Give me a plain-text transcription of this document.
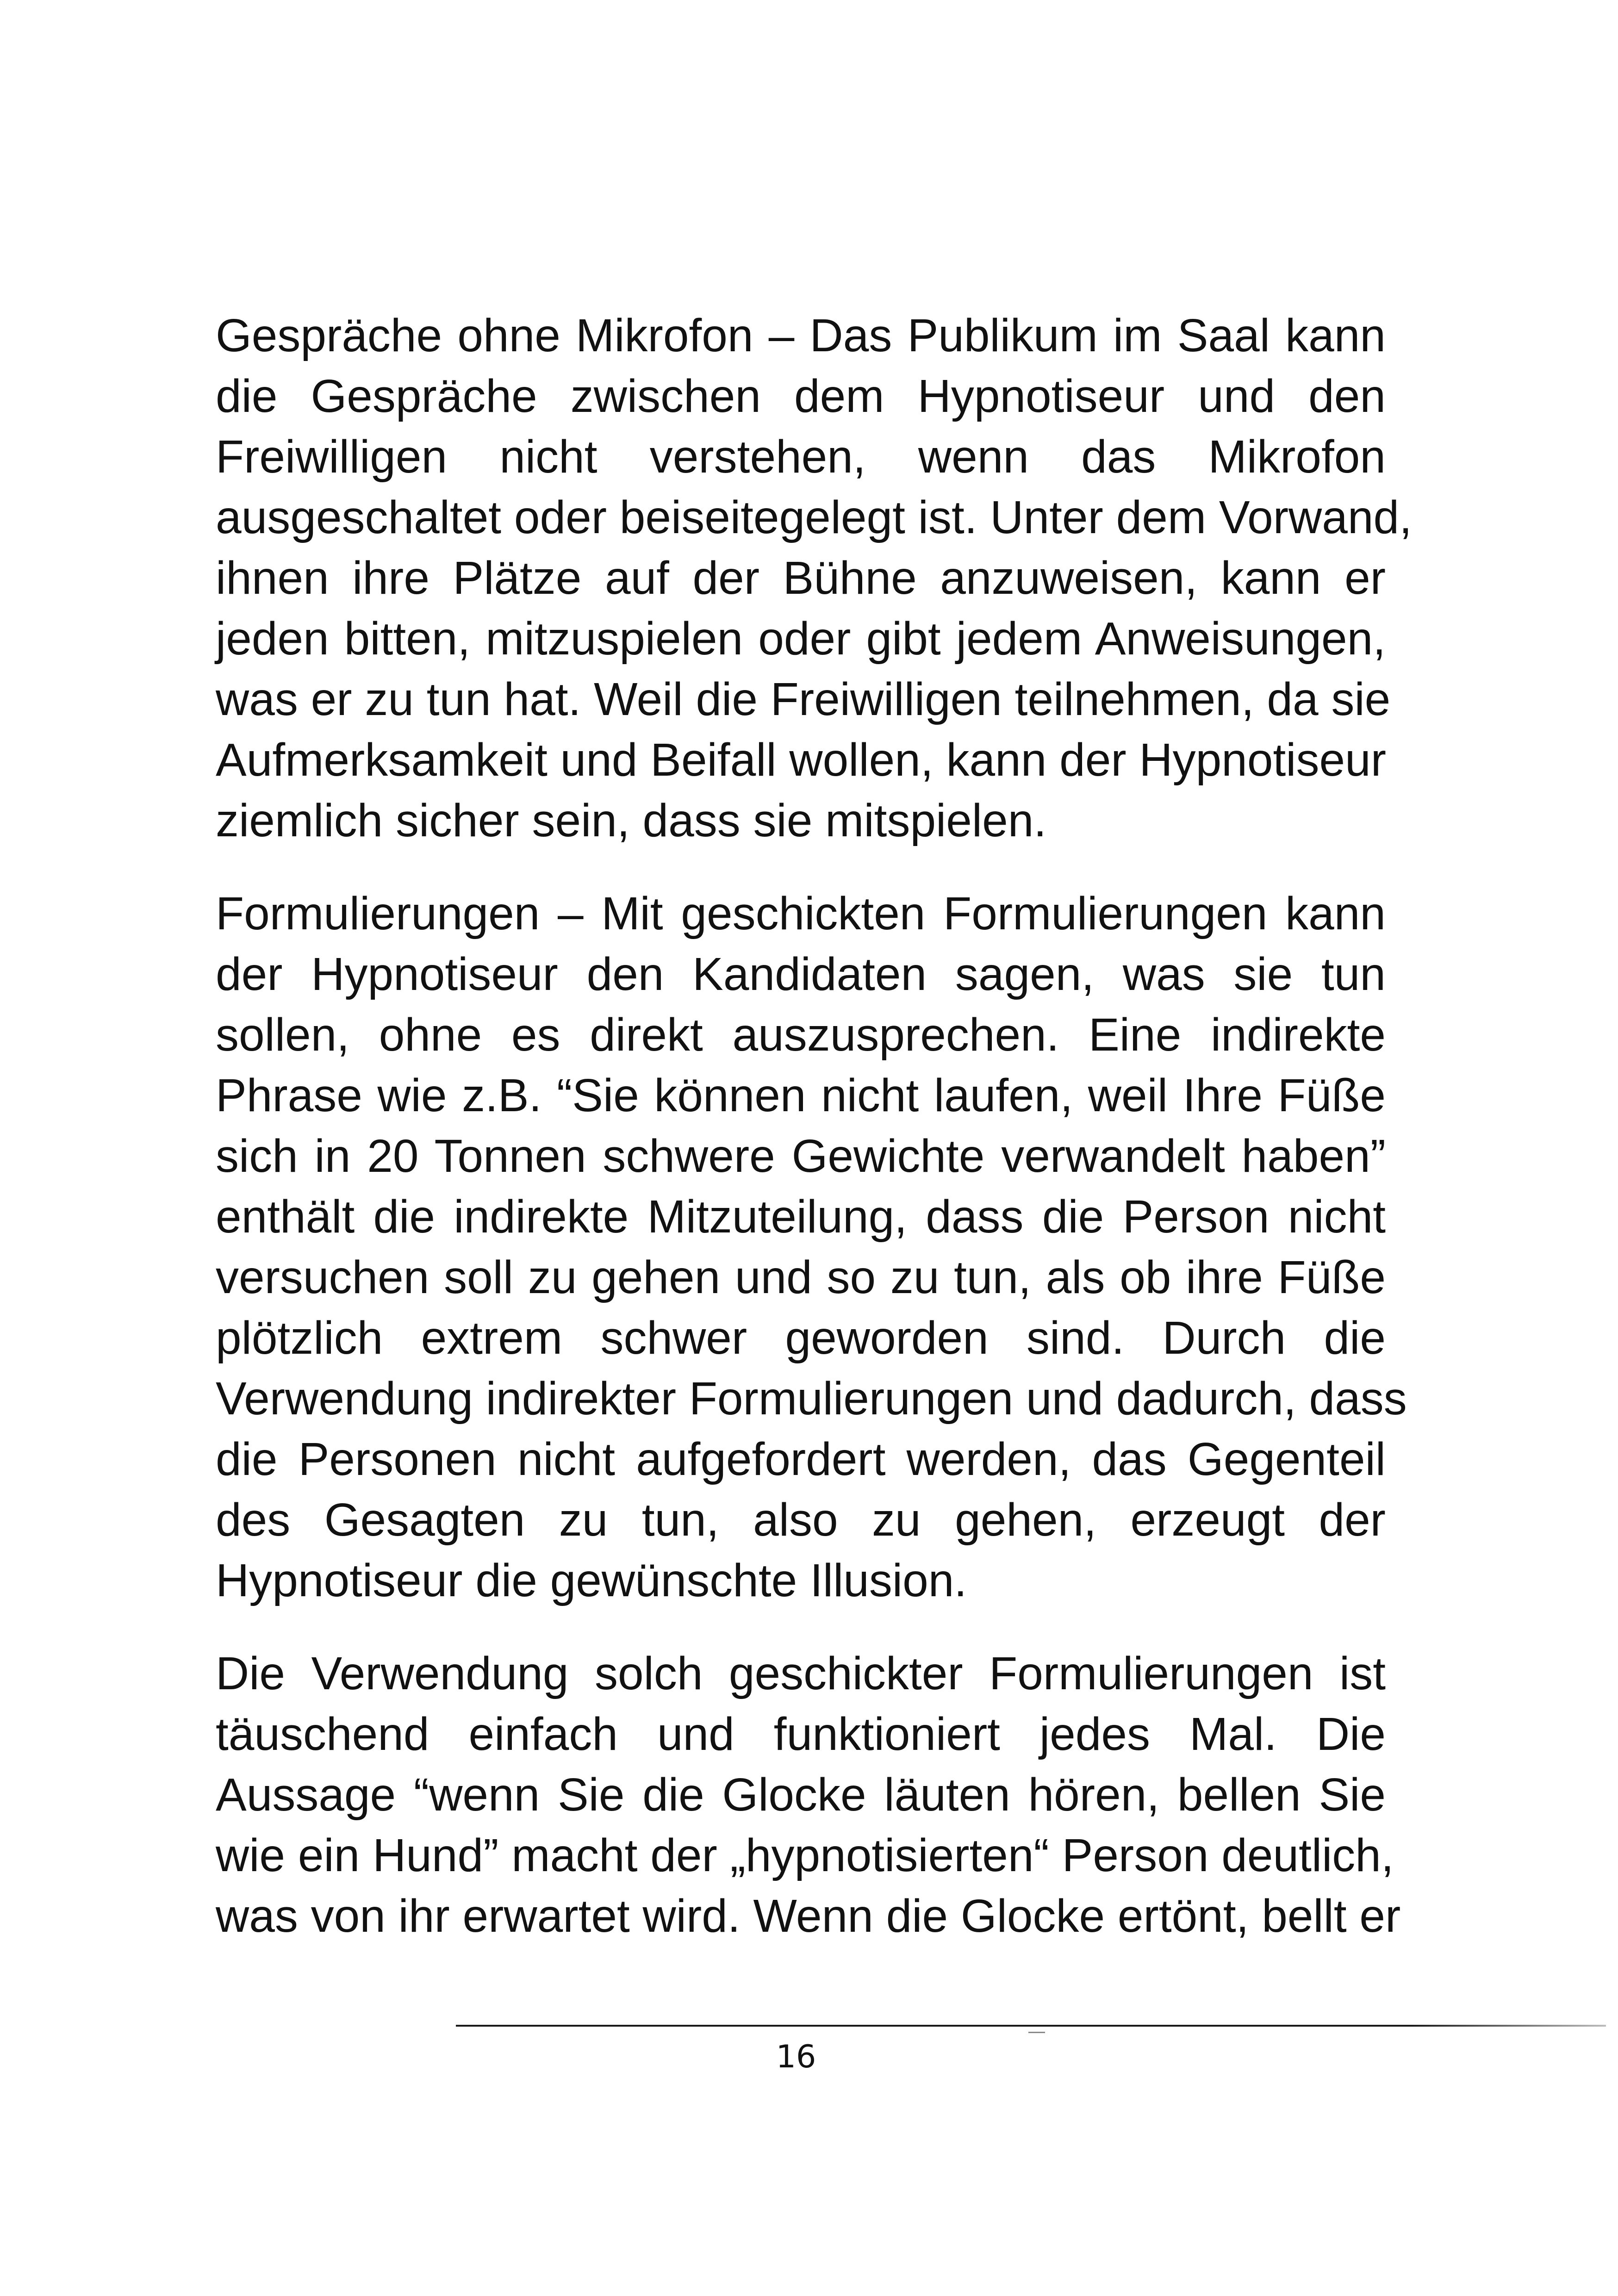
Gespräche ohne Mikrofon – Das Publikum im Saal kann
die Gespräche zwischen dem Hypnotiseur und den
Freiwilligen nicht verstehen, wenn das Mikrofon
ausgeschaltet oder beiseitegelegt ist. Unter dem Vorwand,
ihnen ihre Plätze auf der Bühne anzuweisen, kann er
jeden bitten, mitzuspielen oder gibt jedem Anweisungen,
was er zu tun hat. Weil die Freiwilligen teilnehmen, da sie
Aufmerksamkeit und Beifall wollen, kann der Hypnotiseur
ziemlich sicher sein, dass sie mitspielen.

Formulierungen – Mit geschickten Formulierungen kann
der Hypnotiseur den Kandidaten sagen, was sie tun
sollen, ohne es direkt auszusprechen. Eine indirekte
Phrase wie z.B. “Sie können nicht laufen, weil Ihre Füße
sich in 20 Tonnen schwere Gewichte verwandelt haben”
enthält die indirekte Mitzuteilung, dass die Person nicht
versuchen soll zu gehen und so zu tun, als ob ihre Füße
plötzlich extrem schwer geworden sind. Durch die
Verwendung indirekter Formulierungen und dadurch, dass
die Personen nicht aufgefordert werden, das Gegenteil
des Gesagten zu tun, also zu gehen, erzeugt der
Hypnotiseur die gewünschte Illusion.

Die Verwendung solch geschickter Formulierungen ist
täuschend einfach und funktioniert jedes Mal. Die
Aussage “wenn Sie die Glocke läuten hören, bellen Sie
wie ein Hund” macht der „hypnotisierten“ Person deutlich,
was von ihr erwartet wird. Wenn die Glocke ertönt, bellt er

16
